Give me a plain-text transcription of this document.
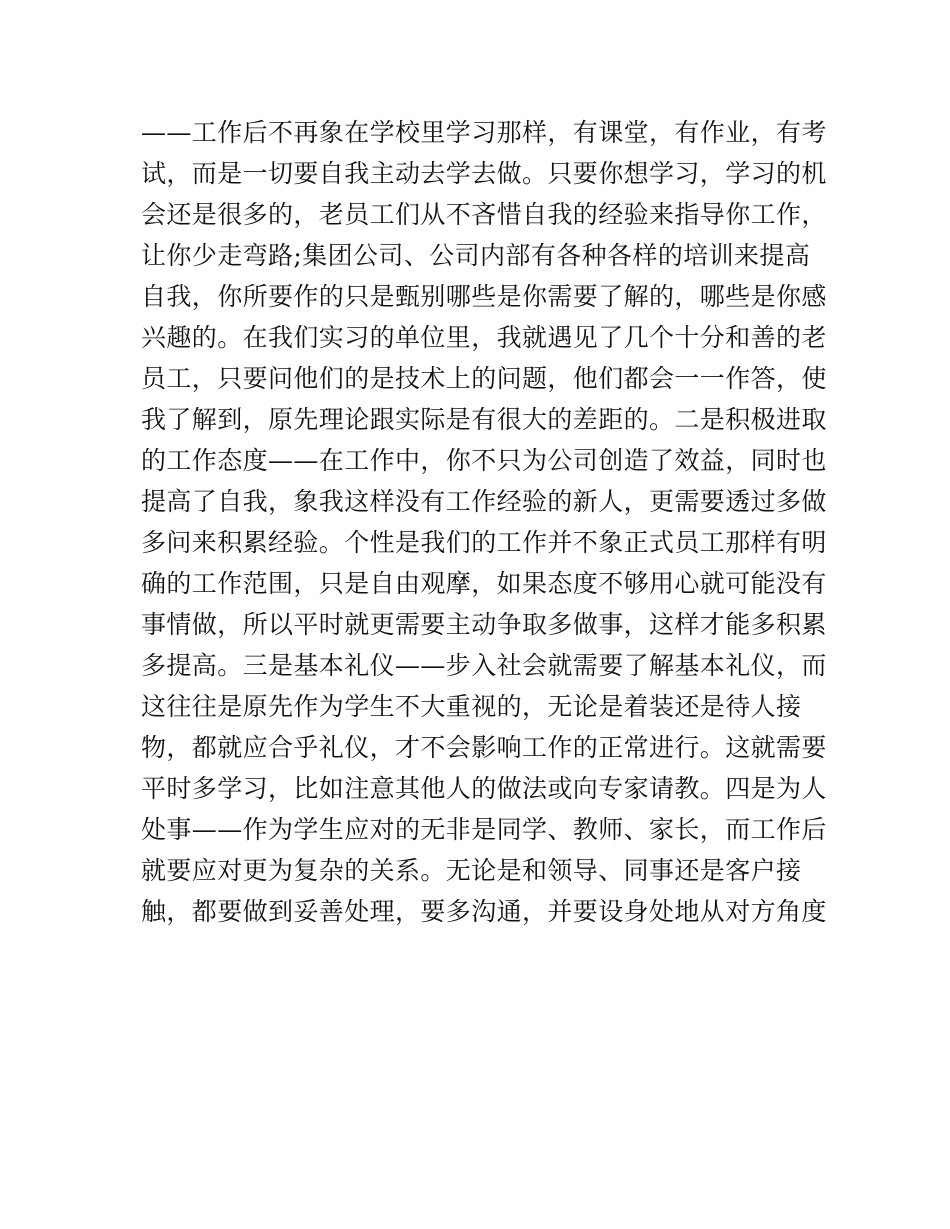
——工作后不再象在学校里学习那样，有课堂，有作业，有考
试，而是一切要自我主动去学去做。只要你想学习，学习的机
会还是很多的，老员工们从不吝惜自我的经验来指导你工作，
让你少走弯路;集团公司、公司内部有各种各样的培训来提高
自我，你所要作的只是甄别哪些是你需要了解的，哪些是你感
兴趣的。在我们实习的单位里，我就遇见了几个十分和善的老
员工，只要问他们的是技术上的问题，他们都会一一作答，使
我了解到，原先理论跟实际是有很大的差距的。二是积极进取
的工作态度——在工作中，你不只为公司创造了效益，同时也
提高了自我，象我这样没有工作经验的新人，更需要透过多做
多问来积累经验。个性是我们的工作并不象正式员工那样有明
确的工作范围，只是自由观摩，如果态度不够用心就可能没有
事情做，所以平时就更需要主动争取多做事，这样才能多积累
多提高。三是基本礼仪——步入社会就需要了解基本礼仪，而
这往往是原先作为学生不大重视的，无论是着装还是待人接
物，都就应合乎礼仪，才不会影响工作的正常进行。这就需要
平时多学习，比如注意其他人的做法或向专家请教。四是为人
处事——作为学生应对的无非是同学、教师、家长，而工作后
就要应对更为复杂的关系。无论是和领导、同事还是客户接
触，都要做到妥善处理，要多沟通，并要设身处地从对方角度
